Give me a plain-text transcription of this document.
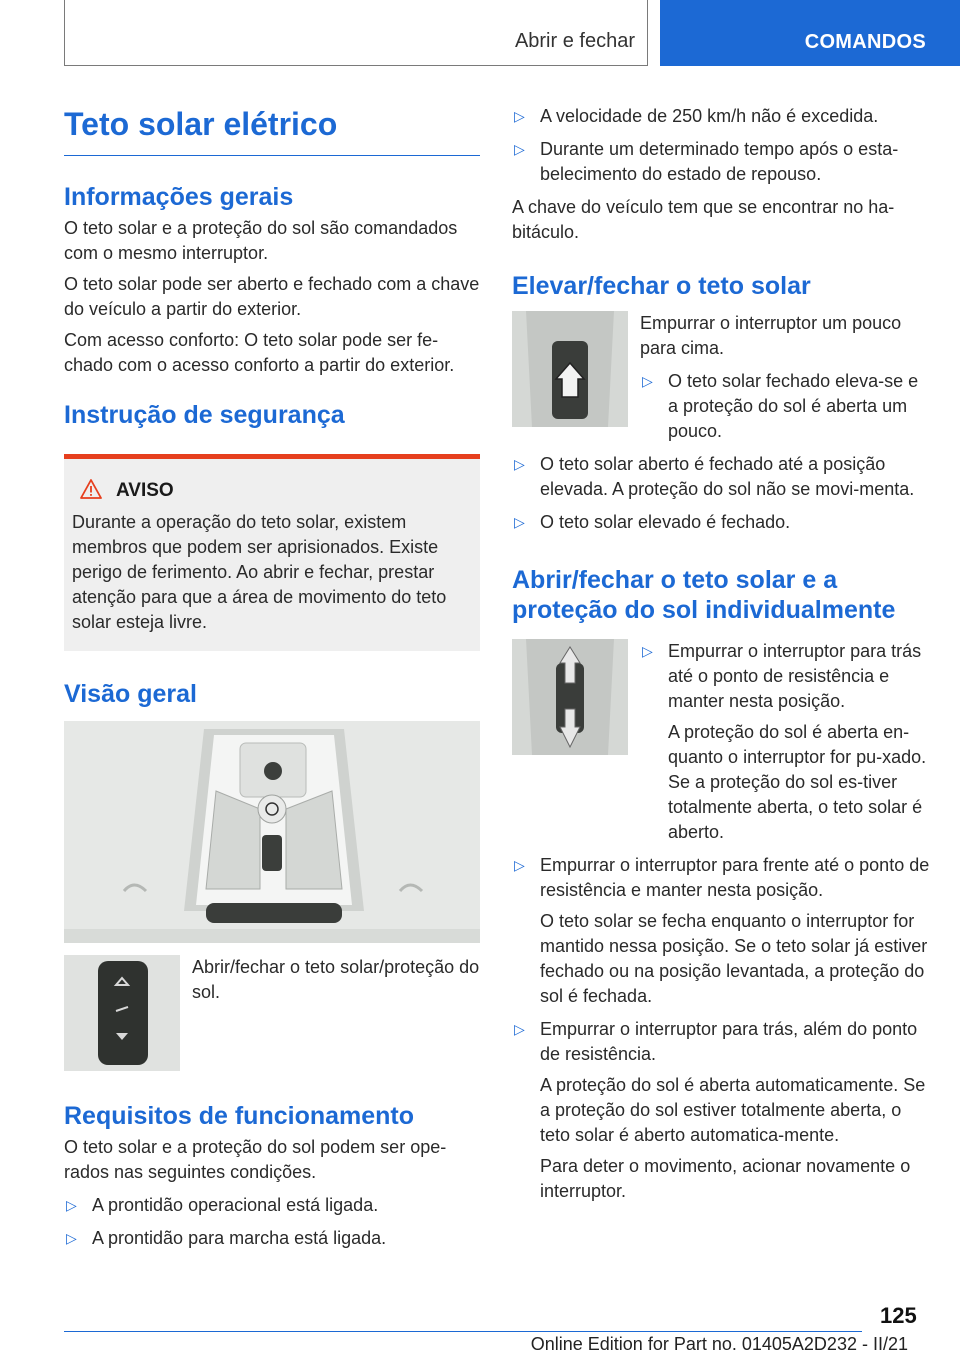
Abrir e fechar	COMANDOS
Teto solar elétrico
Informações gerais

O teto solar e a proteção do sol são comandados com o mesmo interruptor.

O teto solar pode ser aberto e fechado com a chave do veículo a partir do exterior.

Com acesso conforto: O teto solar pode ser fe-chado com o acesso conforto a partir do exterior.

Instrução de segurança
AVISO

Durante a operação do teto solar, existem membros que podem ser aprisionados. Existe perigo de ferimento. Ao abrir e fechar, prestar atenção para que a área de movimento do teto solar esteja livre.

Visão geral

Abrir/fechar o teto solar/proteção do sol.

Requisitos de funcionamento

O teto solar e a proteção do sol podem ser ope-rados nas seguintes condições.

▷ A prontidão operacional está ligada.

▷ A prontidão para marcha está ligada.

▷ A velocidade de 250 km/h não é excedida.

▷ Durante um determinado tempo após o esta-belecimento do estado de repouso.

A chave do veículo tem que se encontrar no ha-bitáculo.

Elevar/fechar o teto solar

Empurrar o interruptor um pouco para cima.

▷ O teto solar fechado eleva-se e a proteção do sol é aberta um pouco.

▷ O teto solar aberto é fechado até a posição elevada. A proteção do sol não se movi-menta.

▷ O teto solar elevado é fechado.

Abrir/fechar o teto solar e a
proteção do sol individualmente
▷ Empurrar o interruptor para trás até o ponto de resistência e manter nesta posição.

A proteção do sol é aberta en-quanto o interruptor for pu-xado. Se a proteção do sol es-tiver totalmente aberta, o teto solar é aberto.

▷ Empurrar o interruptor para frente até o ponto de resistência e manter nesta posição.

O teto solar se fecha enquanto o interruptor for mantido nessa posição. Se o teto solar já estiver fechado ou na posição levantada, a proteção do sol é fechada.

▷ Empurrar o interruptor para trás, além do ponto de resistência.

A proteção do sol é aberta automaticamente. Se a proteção do sol estiver totalmente aberta, o teto solar é aberto automatica-mente.

Para deter o movimento, acionar novamente o interruptor.

125
Online Edition for Part no. 01405A2D232 - II/21
